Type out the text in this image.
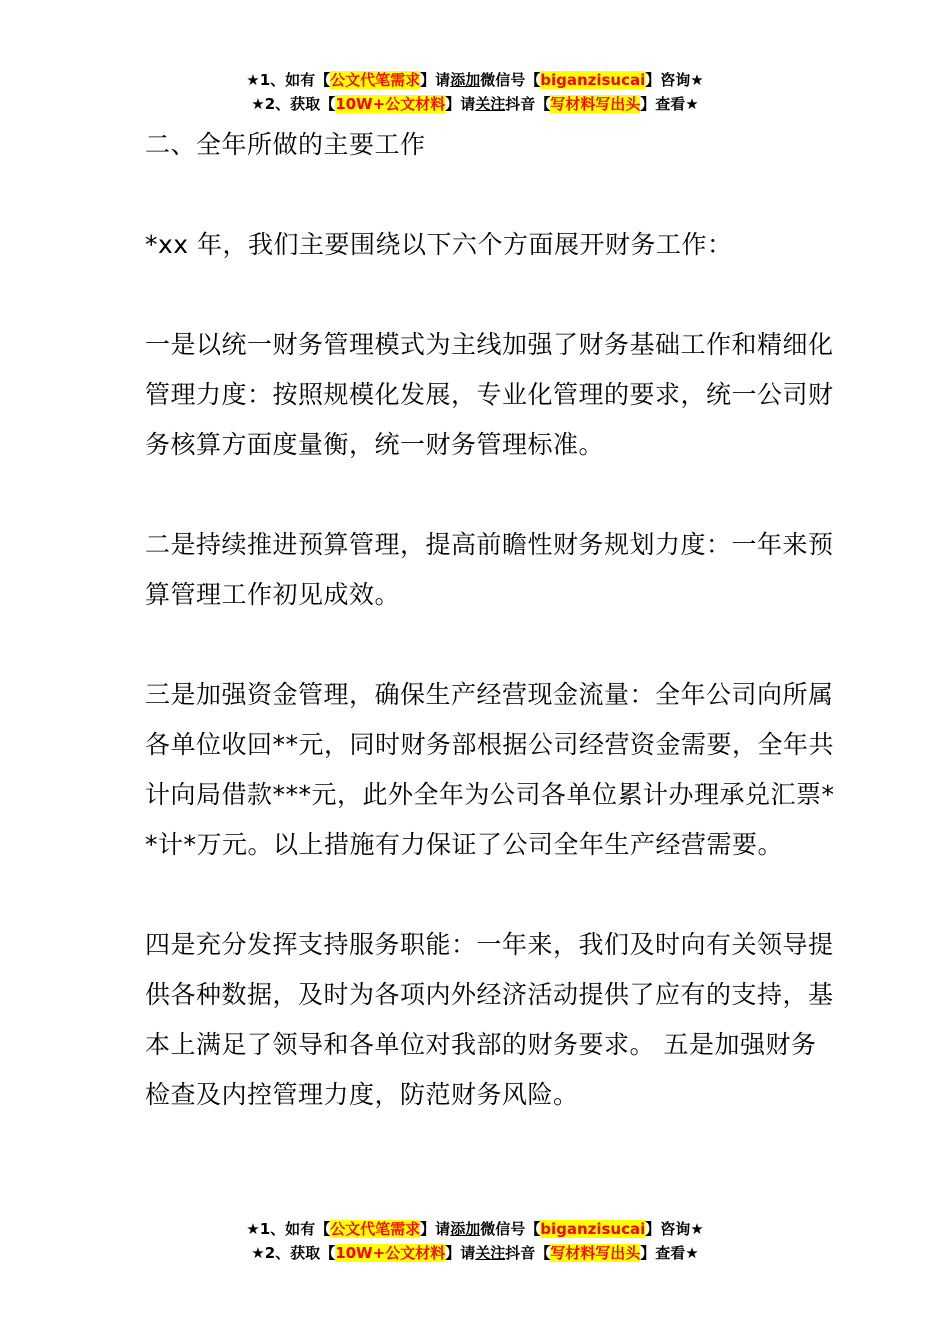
★1、如有【公文代笔需求】请添加微信号【biganzisucai】咨询★
★2、获取【10W+公文材料】请关注抖音【写材料写出头】查看★

二、全年所做的主要工作

*xx 年，我们主要围绕以下六个方面展开财务工作：

一是以统一财务管理模式为主线加强了财务基础工作和精细化管理力度：按照规模化发展，专业化管理的要求，统一公司财务核算方面度量衡，统一财务管理标准。

二是持续推进预算管理，提高前瞻性财务规划力度：一年来预算管理工作初见成效。

三是加强资金管理，确保生产经营现金流量：全年公司向所属各单位收回**元，同时财务部根据公司经营资金需要，全年共计向局借款***元，此外全年为公司各单位累计办理承兑汇票**计*万元。以上措施有力保证了公司全年生产经营需要。

四是充分发挥支持服务职能：一年来，我们及时向有关领导提供各种数据，及时为各项内外经济活动提供了应有的支持，基本上满足了领导和各单位对我部的财务要求。 五是加强财务检查及内控管理力度，防范财务风险。

★1、如有【公文代笔需求】请添加微信号【biganzisucai】咨询★
★2、获取【10W+公文材料】请关注抖音【写材料写出头】查看★
